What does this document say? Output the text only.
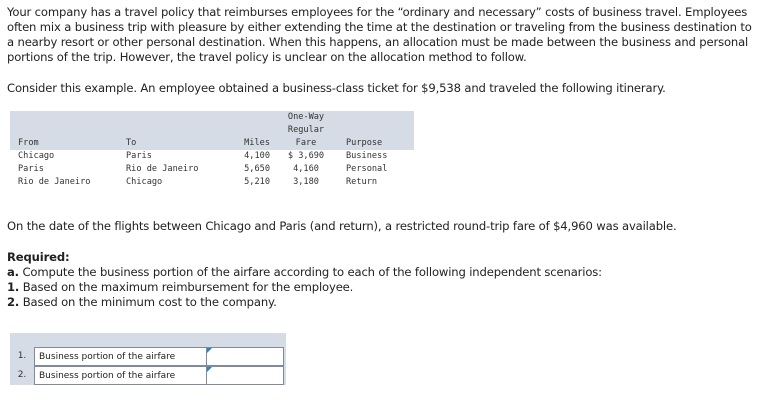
Your company has a travel policy that reimburses employees for the “ordinary and necessary” costs of business travel. Employees often mix a business trip with pleasure by either extending the time at the destination or traveling from the business destination to a nearby resort or other personal destination. When this happens, an allocation must be made between the business and personal portions of the trip. However, the travel policy is unclear on the allocation method to follow.

Consider this example. An employee obtained a business-class ticket for $9,538 and traveled the following itinerary.

One-Way
Regular
From	To	Miles	Fare	Purpose
Chicago	Paris	4,100	$ 3,690	Business
Paris	Rio de Janeiro	5,650	4,160	Personal
Rio de Janeiro	Chicago	5,210	3,180	Return

On the date of the flights between Chicago and Paris (and return), a restricted round-trip fare of $4,960 was available.

Required:
a. Compute the business portion of the airfare according to each of the following independent scenarios:
1. Based on the maximum reimbursement for the employee.
2. Based on the minimum cost to the company.
1.	Business portion of the airfare
2.	Business portion of the airfare
